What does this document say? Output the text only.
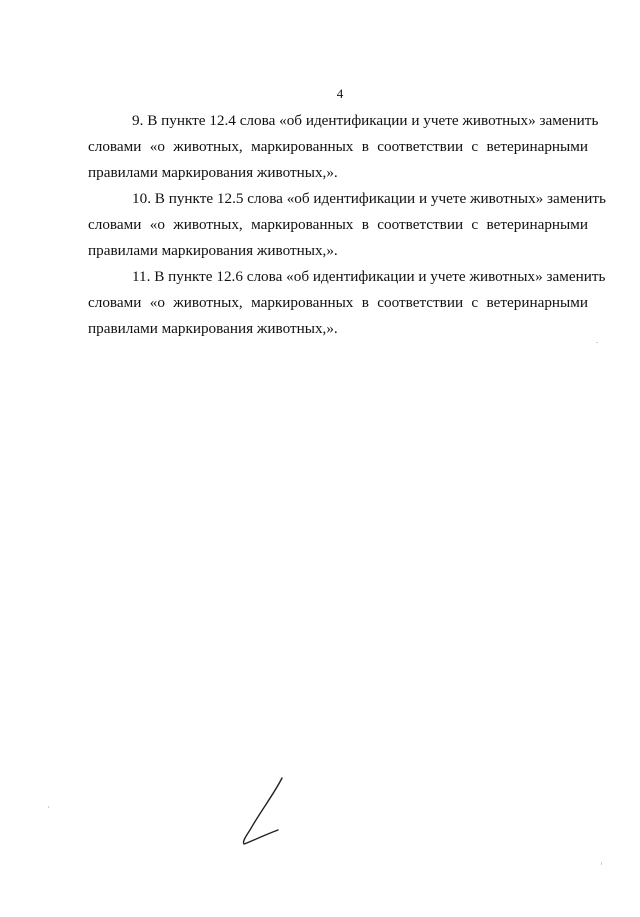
4

9. В пункте 12.4 слова «об идентификации и учете животных» заменить
словами «о животных, маркированных в соответствии с ветеринарными
правилами маркирования животных,».

10. В пункте 12.5 слова «об идентификации и учете животных» заменить
словами «о животных, маркированных в соответствии с ветеринарными
правилами маркирования животных,».

11. В пункте 12.6 слова «об идентификации и учете животных» заменить
словами «о животных, маркированных в соответствии с ветеринарными
правилами маркирования животных,».
